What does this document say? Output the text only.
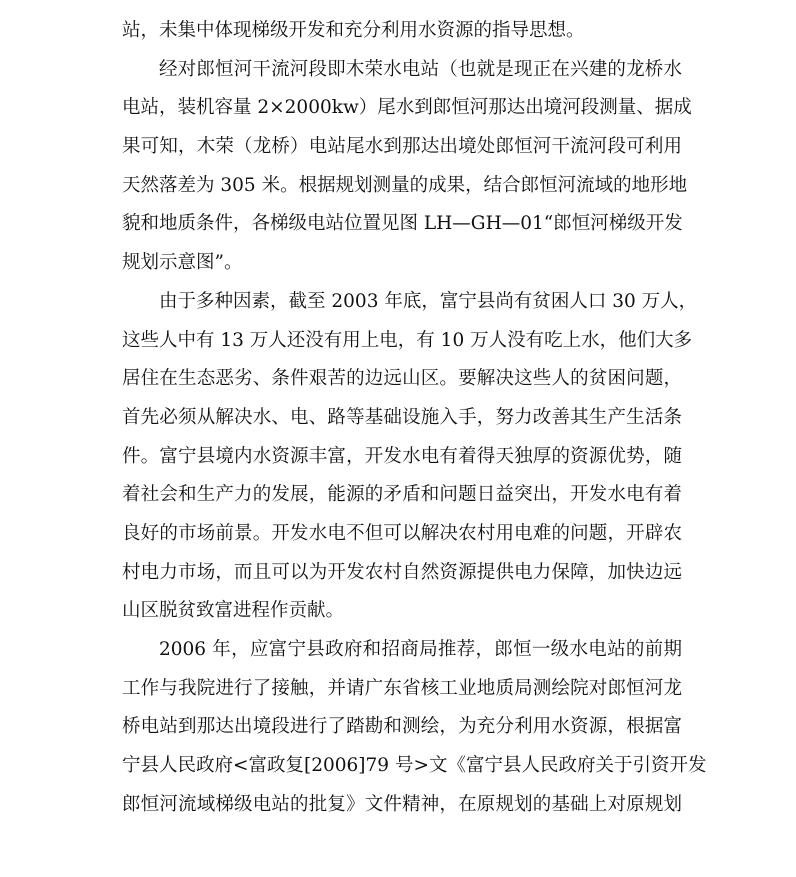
站，未集中体现梯级开发和充分利用水资源的指导思想。
经对郎恒河干流河段即木荣水电站（也就是现正在兴建的龙桥水
电站，装机容量 2×2000kw）尾水到郎恒河那达出境河段测量、据成
果可知，木荣（龙桥）电站尾水到那达出境处郎恒河干流河段可利用
天然落差为 305 米。根据规划测量的成果，结合郎恒河流域的地形地
貌和地质条件，各梯级电站位置见图 LH—GH—01“郎恒河梯级开发
规划示意图”。
由于多种因素，截至 2003 年底，富宁县尚有贫困人口 30 万人，
这些人中有 13 万人还没有用上电，有 10 万人没有吃上水，他们大多
居住在生态恶劣、条件艰苦的边远山区。要解决这些人的贫困问题，
首先必须从解决水、电、路等基础设施入手，努力改善其生产生活条
件。富宁县境内水资源丰富，开发水电有着得天独厚的资源优势，随
着社会和生产力的发展，能源的矛盾和问题日益突出，开发水电有着
良好的市场前景。开发水电不但可以解决农村用电难的问题，开辟农
村电力市场，而且可以为开发农村自然资源提供电力保障，加快边远
山区脱贫致富进程作贡献。
2006 年，应富宁县政府和招商局推荐，郎恒一级水电站的前期
工作与我院进行了接触，并请广东省核工业地质局测绘院对郎恒河龙
桥电站到那达出境段进行了踏勘和测绘，为充分利用水资源，根据富
宁县人民政府<富政复[2006]79 号>文《富宁县人民政府关于引资开发
郎恒河流域梯级电站的批复》文件精神，在原规划的基础上对原规划
